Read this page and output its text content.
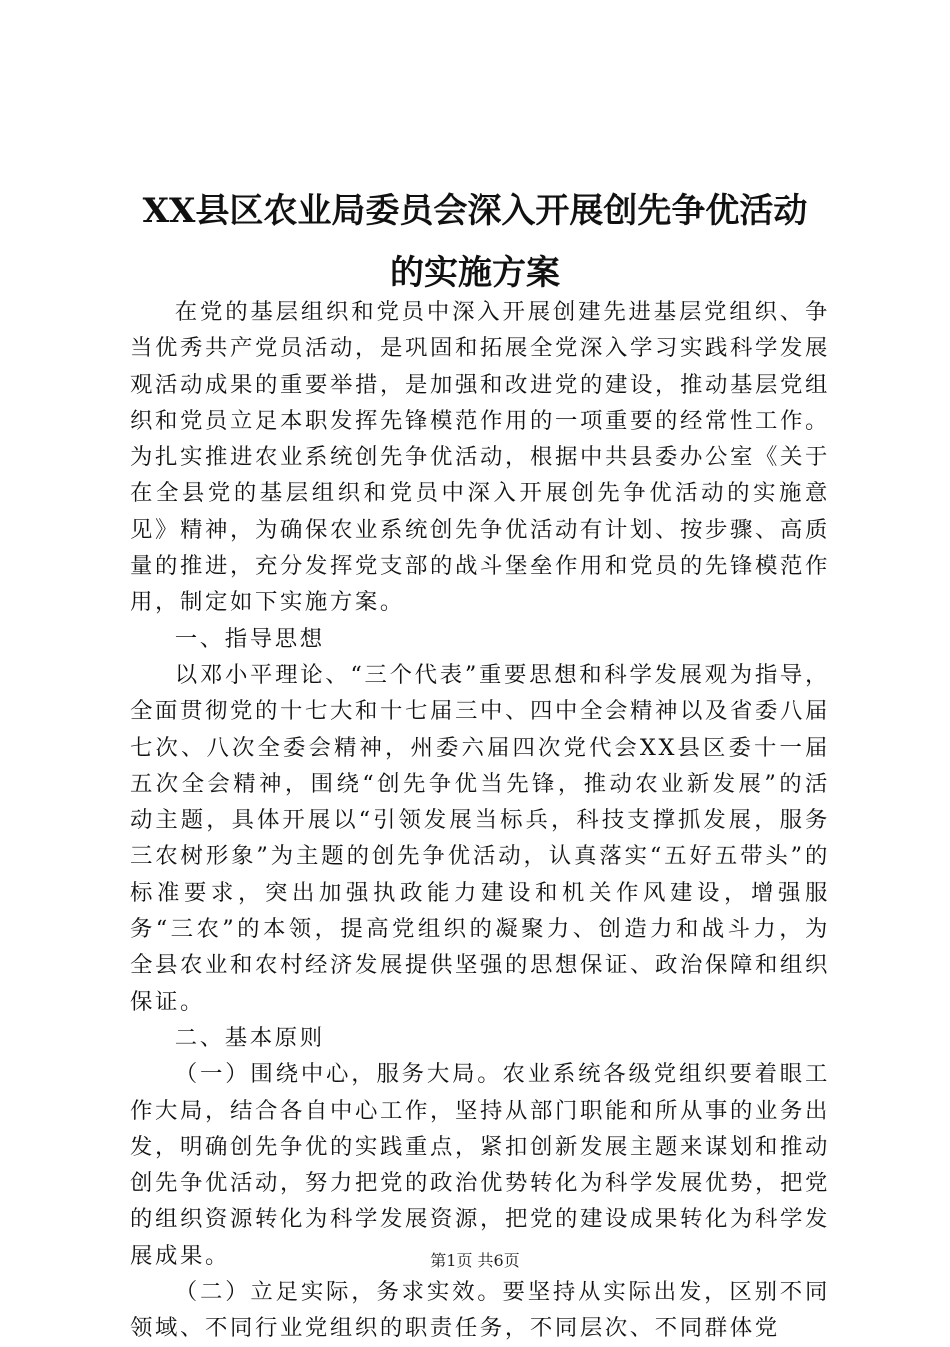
XX县区农业局委员会深入开展创先争优活动
的实施方案

在党的基层组织和党员中深入开展创建先进基层党组织、争当优秀共产党员活动，是巩固和拓展全党深入学习实践科学发展观活动成果的重要举措，是加强和改进党的建设，推动基层党组织和党员立足本职发挥先锋模范作用的一项重要的经常性工作。为扎实推进农业系统创先争优活动，根据中共县委办公室《关于在全县党的基层组织和党员中深入开展创先争优活动的实施意见》精神，为确保农业系统创先争优活动有计划、按步骤、高质量的推进，充分发挥党支部的战斗堡垒作用和党员的先锋模范作用，制定如下实施方案。

一、指导思想

以邓小平理论、“三个代表”重要思想和科学发展观为指导，全面贯彻党的十七大和十七届三中、四中全会精神以及省委八届七次、八次全委会精神，州委六届四次党代会XX县区委十一届五次全会精神，围绕“创先争优当先锋，推动农业新发展”的活动主题，具体开展以“引领发展当标兵，科技支撑抓发展，服务三农树形象”为主题的创先争优活动，认真落实“五好五带头”的标准要求，突出加强执政能力建设和机关作风建设，增强服务“三农”的本领，提高党组织的凝聚力、创造力和战斗力，为全县农业和农村经济发展提供坚强的思想保证、政治保障和组织保证。

二、基本原则

（一）围绕中心，服务大局。农业系统各级党组织要着眼工作大局，结合各自中心工作，坚持从部门职能和所从事的业务出发，明确创先争优的实践重点，紧扣创新发展主题来谋划和推动创先争优活动，努力把党的政治优势转化为科学发展优势，把党的组织资源转化为科学发展资源，把党的建设成果转化为科学发展成果。

（二）立足实际，务求实效。要坚持从实际出发，区别不同领域、不同行业党组织的职责任务，不同层次、不同群体党

第1页 共6页
